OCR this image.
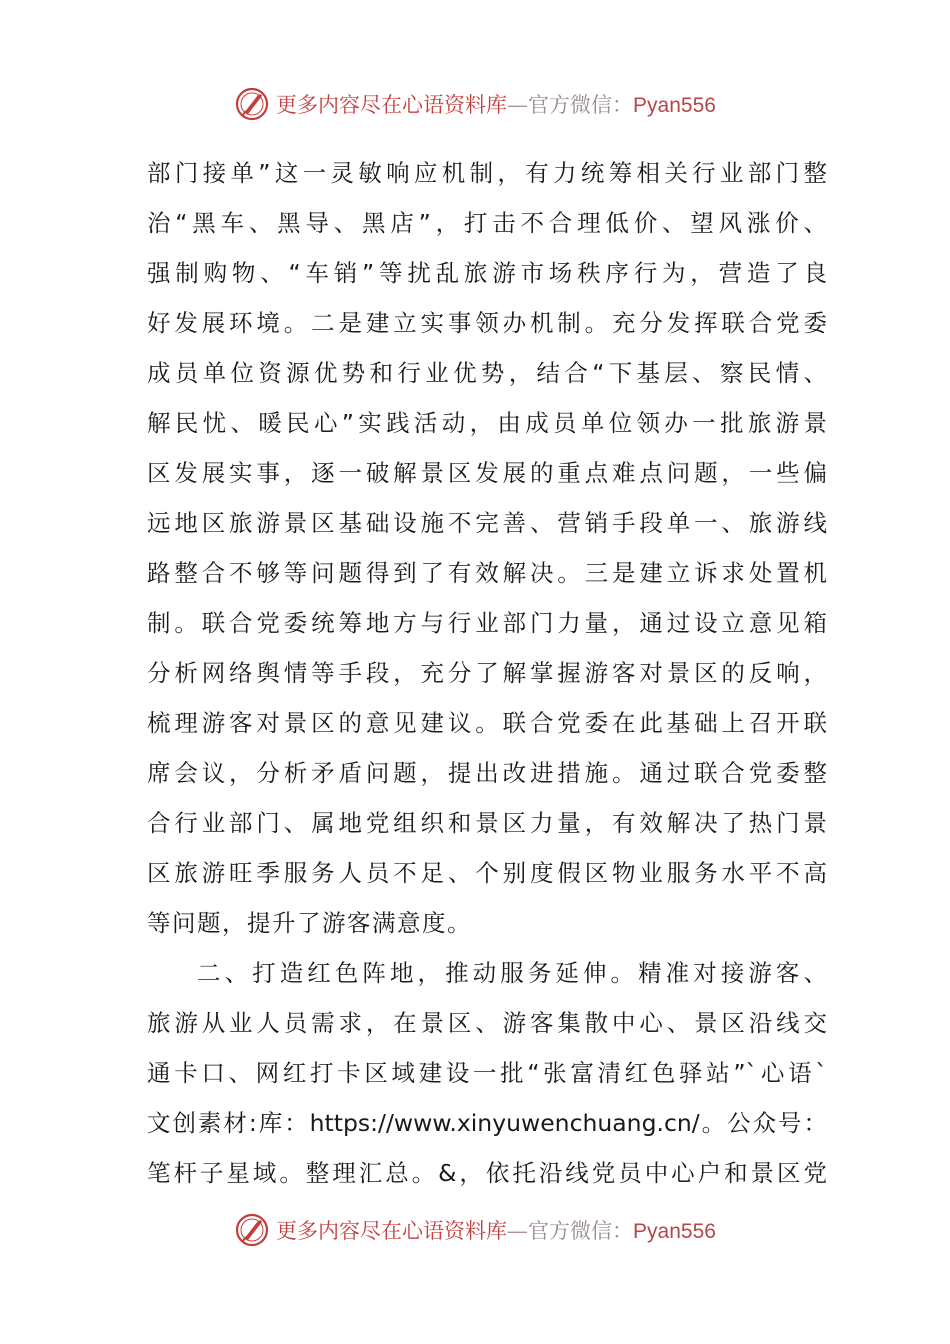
更多内容尽在心语资料库—官方微信：Pyan556
部门接单”这一灵敏响应机制，有力统筹相关行业部门整
治“黑车、黑导、黑店”，打击不合理低价、望风涨价、
强制购物、“车销”等扰乱旅游市场秩序行为，营造了良
好发展环境。二是建立实事领办机制。充分发挥联合党委
成员单位资源优势和行业优势，结合“下基层、察民情、
解民忧、暖民心”实践活动，由成员单位领办一批旅游景
区发展实事，逐一破解景区发展的重点难点问题，一些偏
远地区旅游景区基础设施不完善、营销手段单一、旅游线
路整合不够等问题得到了有效解决。三是建立诉求处置机
制。联合党委统筹地方与行业部门力量，通过设立意见箱
分析网络舆情等手段，充分了解掌握游客对景区的反响，
梳理游客对景区的意见建议。联合党委在此基础上召开联
席会议，分析矛盾问题，提出改进措施。通过联合党委整
合行业部门、属地党组织和景区力量，有效解决了热门景
区旅游旺季服务人员不足、个别度假区物业服务水平不高
等问题，提升了游客满意度。
二、打造红色阵地，推动服务延伸。精准对接游客、
旅游从业人员需求，在景区、游客集散中心、景区沿线交
通卡口、网红打卡区域建设一批“张富清红色驿站”`心语`
文创素材:库：https://www.xinyuwenchuang.cn/。公众号：
笔杆子星域。整理汇总。&，依托沿线党员中心户和景区党
更多内容尽在心语资料库—官方微信：Pyan556
